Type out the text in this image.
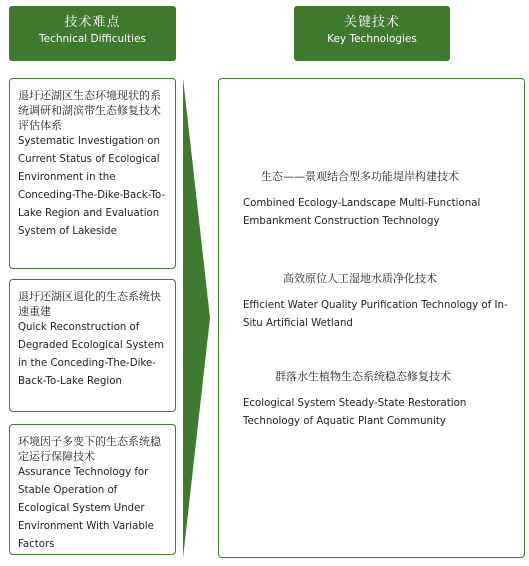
技术难点
Technical Difficulties
关键技术
Key Technologies
退圩还湖区生态环境现状的系统调研和湖滨带生态修复技术评估体系
Systematic Investigation on Current Status of Ecological Environment in the Conceding-The-Dike-Back-To-Lake Region and Evaluation System of Lakeside
退圩还湖区退化的生态系统快速重建
Quick Reconstruction of Degraded Ecological System in the Conceding-The-Dike-Back-To-Lake Region
环境因子多变下的生态系统稳定运行保障技术
Assurance Technology for Stable Operation of Ecological System Under Environment With Variable Factors
生态——景观结合型多功能堤岸构建技术
Combined Ecology-Landscape Multi-Functional Embankment Construction Technology
高效原位人工湿地水质净化技术
Efficient Water Quality Purification Technology of In-Situ Artificial Wetland
群落水生植物生态系统稳态修复技术
Ecological System Steady-State Restoration Technology of Aquatic Plant Community
